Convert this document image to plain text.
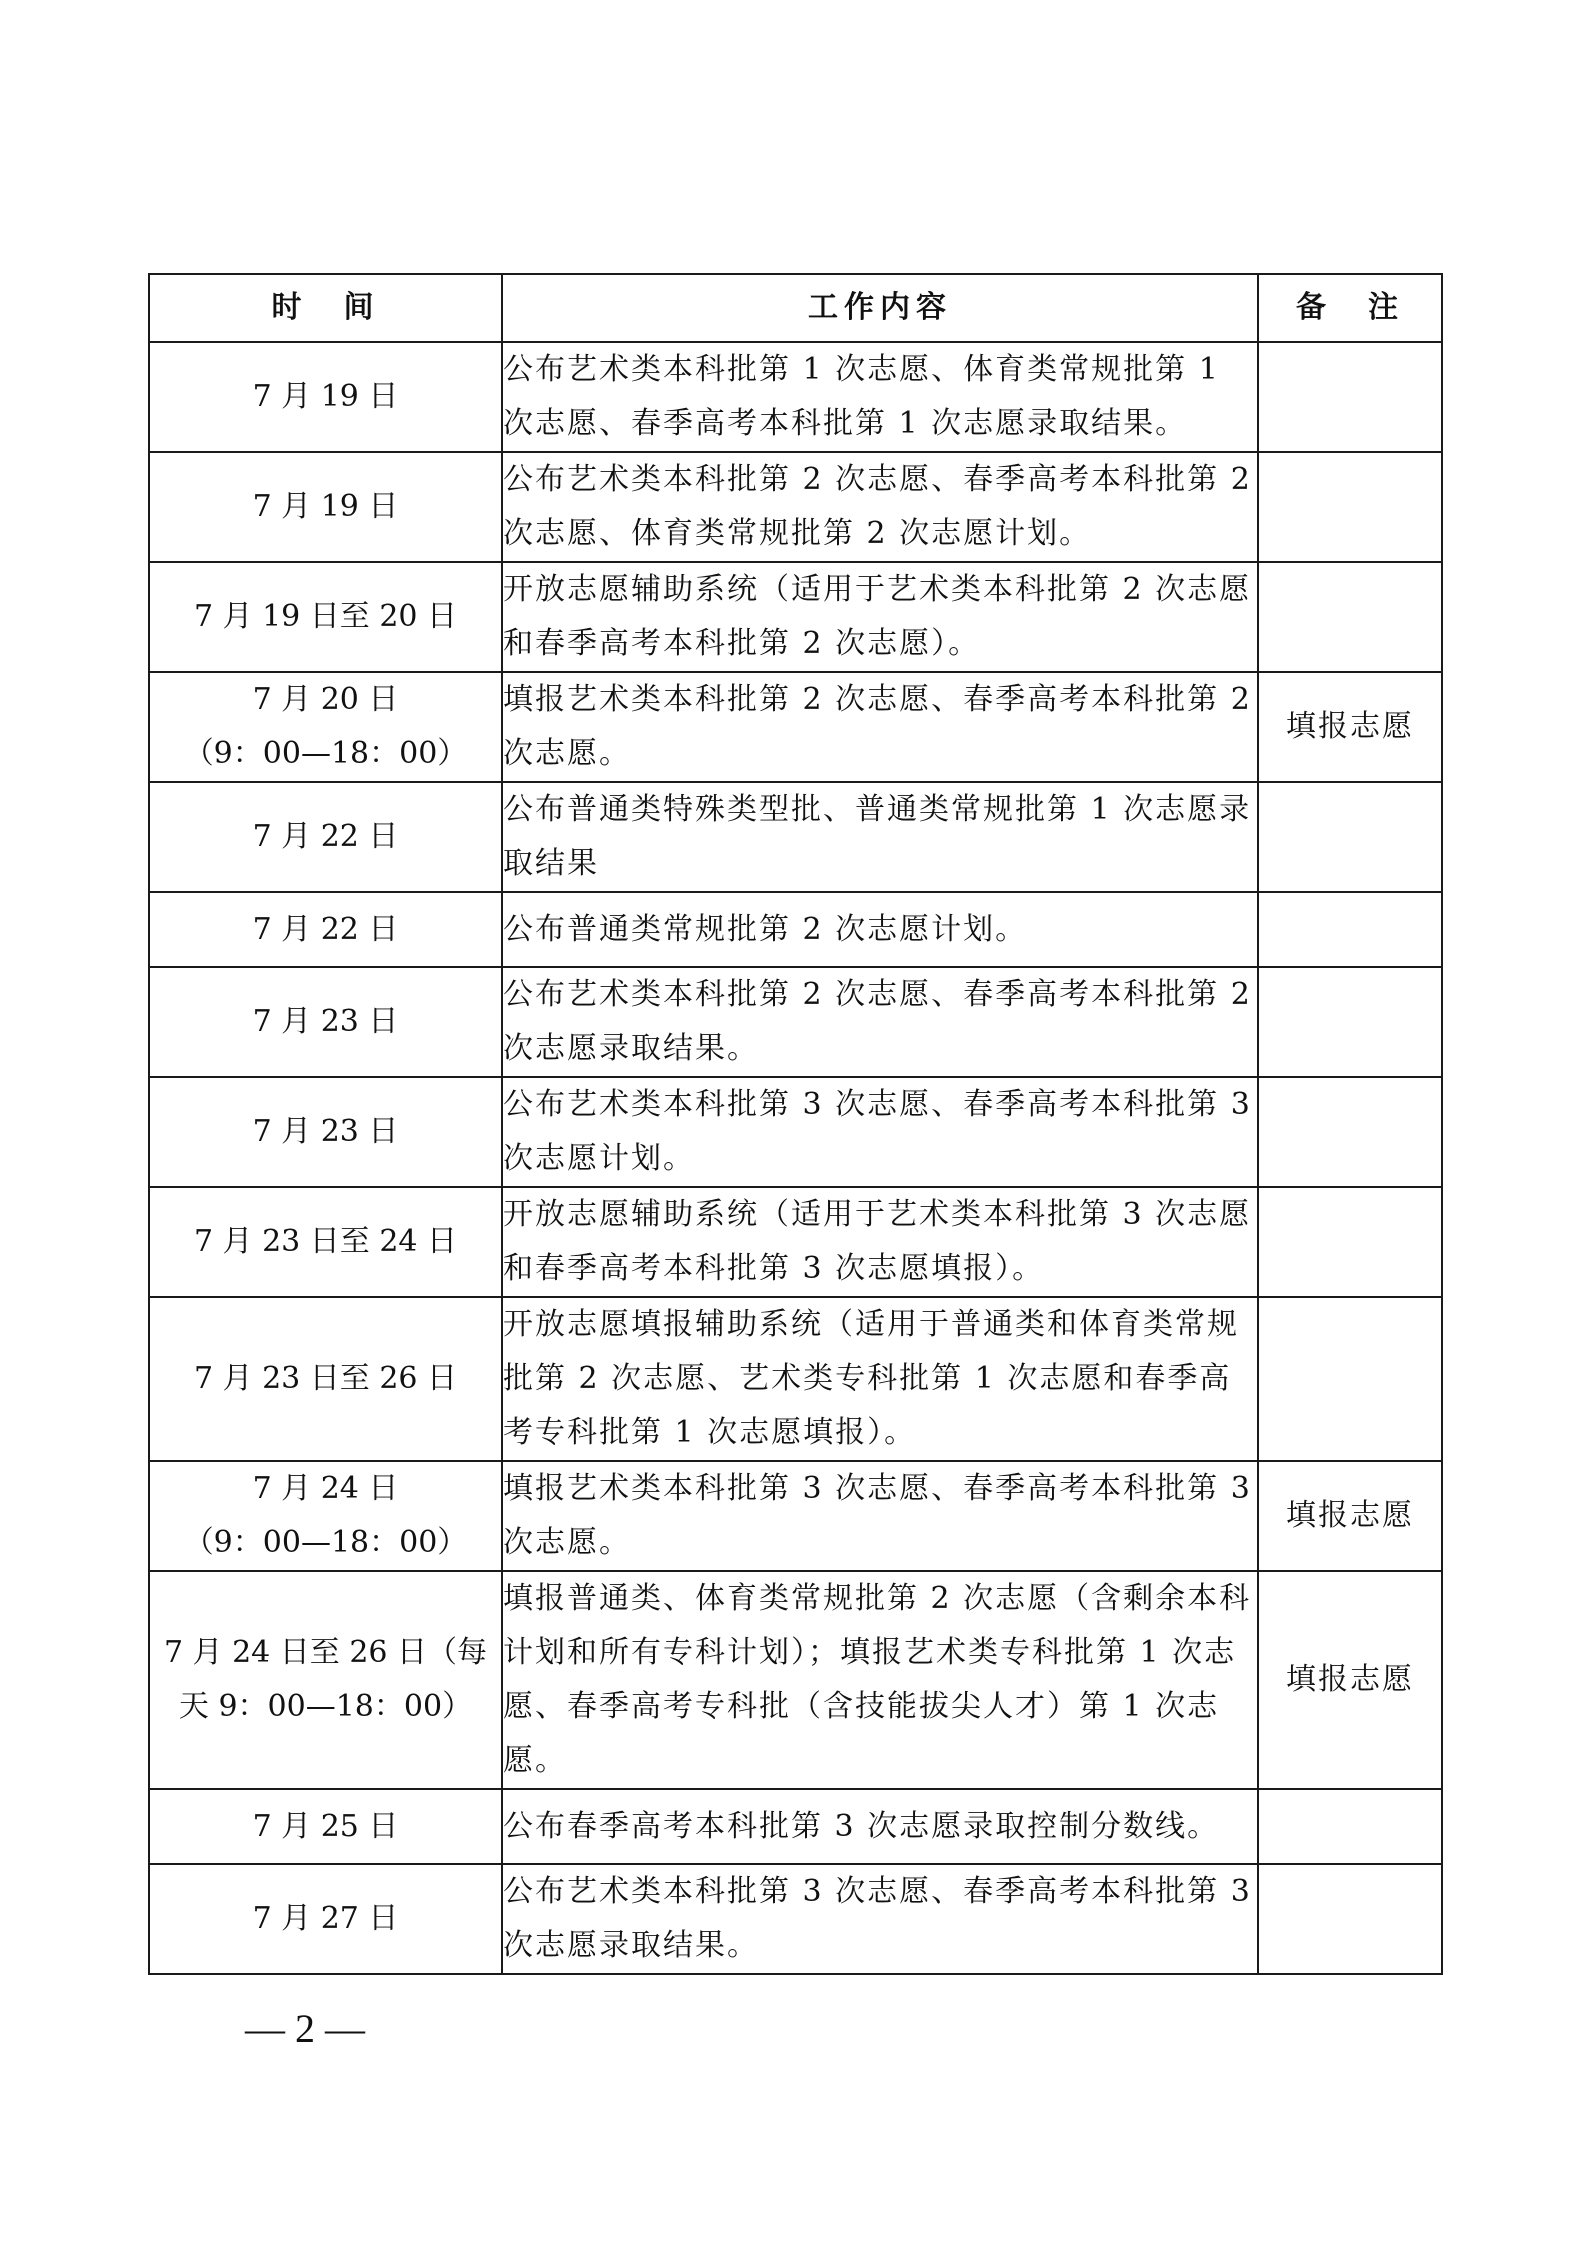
时　间	工作内容	备　注
7 月 19 日	公布艺术类本科批第 1 次志愿、体育类常规批第 1 次志愿、春季高考本科批第 1 次志愿录取结果。	
7 月 19 日	公布艺术类本科批第 2 次志愿、春季高考本科批第 2 次志愿、体育类常规批第 2 次志愿计划。	
7 月 19 日至 20 日	开放志愿辅助系统（适用于艺术类本科批第 2 次志愿和春季高考本科批第 2 次志愿）。	
7 月 20 日
（9：00—18：00）	填报艺术类本科批第 2 次志愿、春季高考本科批第 2 次志愿。	填报志愿
7 月 22 日	公布普通类特殊类型批、普通类常规批第 1 次志愿录取结果	
7 月 22 日	公布普通类常规批第 2 次志愿计划。	
7 月 23 日	公布艺术类本科批第 2 次志愿、春季高考本科批第 2 次志愿录取结果。	
7 月 23 日	公布艺术类本科批第 3 次志愿、春季高考本科批第 3 次志愿计划。	
7 月 23 日至 24 日	开放志愿辅助系统（适用于艺术类本科批第 3 次志愿和春季高考本科批第 3 次志愿填报）。	
7 月 23 日至 26 日	开放志愿填报辅助系统（适用于普通类和体育类常规批第 2 次志愿、艺术类专科批第 1 次志愿和春季高考专科批第 1 次志愿填报）。	
7 月 24 日
（9：00—18：00）	填报艺术类本科批第 3 次志愿、春季高考本科批第 3 次志愿。	填报志愿
7 月 24 日至 26 日（每天 9：00—18：00）	填报普通类、体育类常规批第 2 次志愿（含剩余本科计划和所有专科计划）；填报艺术类专科批第 1 次志愿、春季高考专科批（含技能拔尖人才）第 1 次志愿。	填报志愿
7 月 25 日	公布春季高考本科批第 3 次志愿录取控制分数线。	
7 月 27 日	公布艺术类本科批第 3 次志愿、春季高考本科批第 3 次志愿录取结果。	
— 2 —
